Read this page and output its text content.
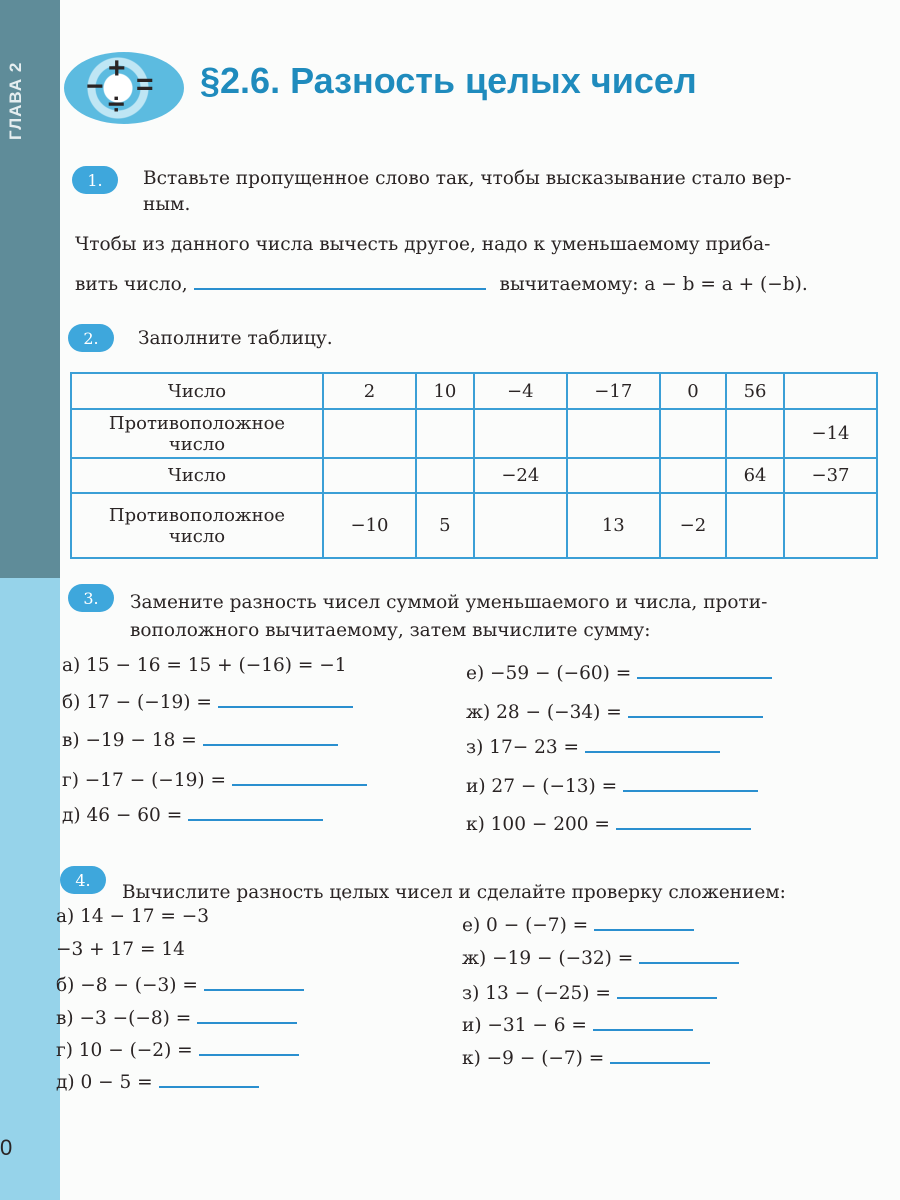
ГЛАВА 2
0
+
− =
÷
§2.6. Разность целых чисел
1.	Вставьте пропущенное слово так, чтобы высказывание стало вер-
ным.
Чтобы из данного числа вычесть другое, надо к уменьшаемому приба-
вить число,	вычитаемому: a − b = a + (−b).
2.	Заполните таблицу.
Число	2	10	−4	−17	0	56	

Противоположное
число							−14

Число			−24			64	−37

Противоположное
число	−10	5		13	−2		
3.	Замените разность чисел суммой уменьшаемого и числа, проти-
воположного вычитаемому, затем вычислите сумму:
а) 15 − 16 = 15 + (−16) = −1
б) 17 − (−19) =
в) −19 − 18 =
г) −17 − (−19) =
д) 46 − 60 =
е) −59 − (−60) =
ж) 28 − (−34) =
з) 17− 23 =
и) 27 − (−13) =
к) 100 − 200 =
4.
Вычислите разность целых чисел и сделайте проверку сложением:
а) 14 − 17 = −3
−3 + 17 = 14
б) −8 − (−3) =
в) −3 −(−8) =
г) 10 − (−2) =
д) 0 − 5 =
е) 0 − (−7) =
ж) −19 − (−32) =
з) 13 − (−25) =
и) −31 − 6 =
к) −9 − (−7) =
